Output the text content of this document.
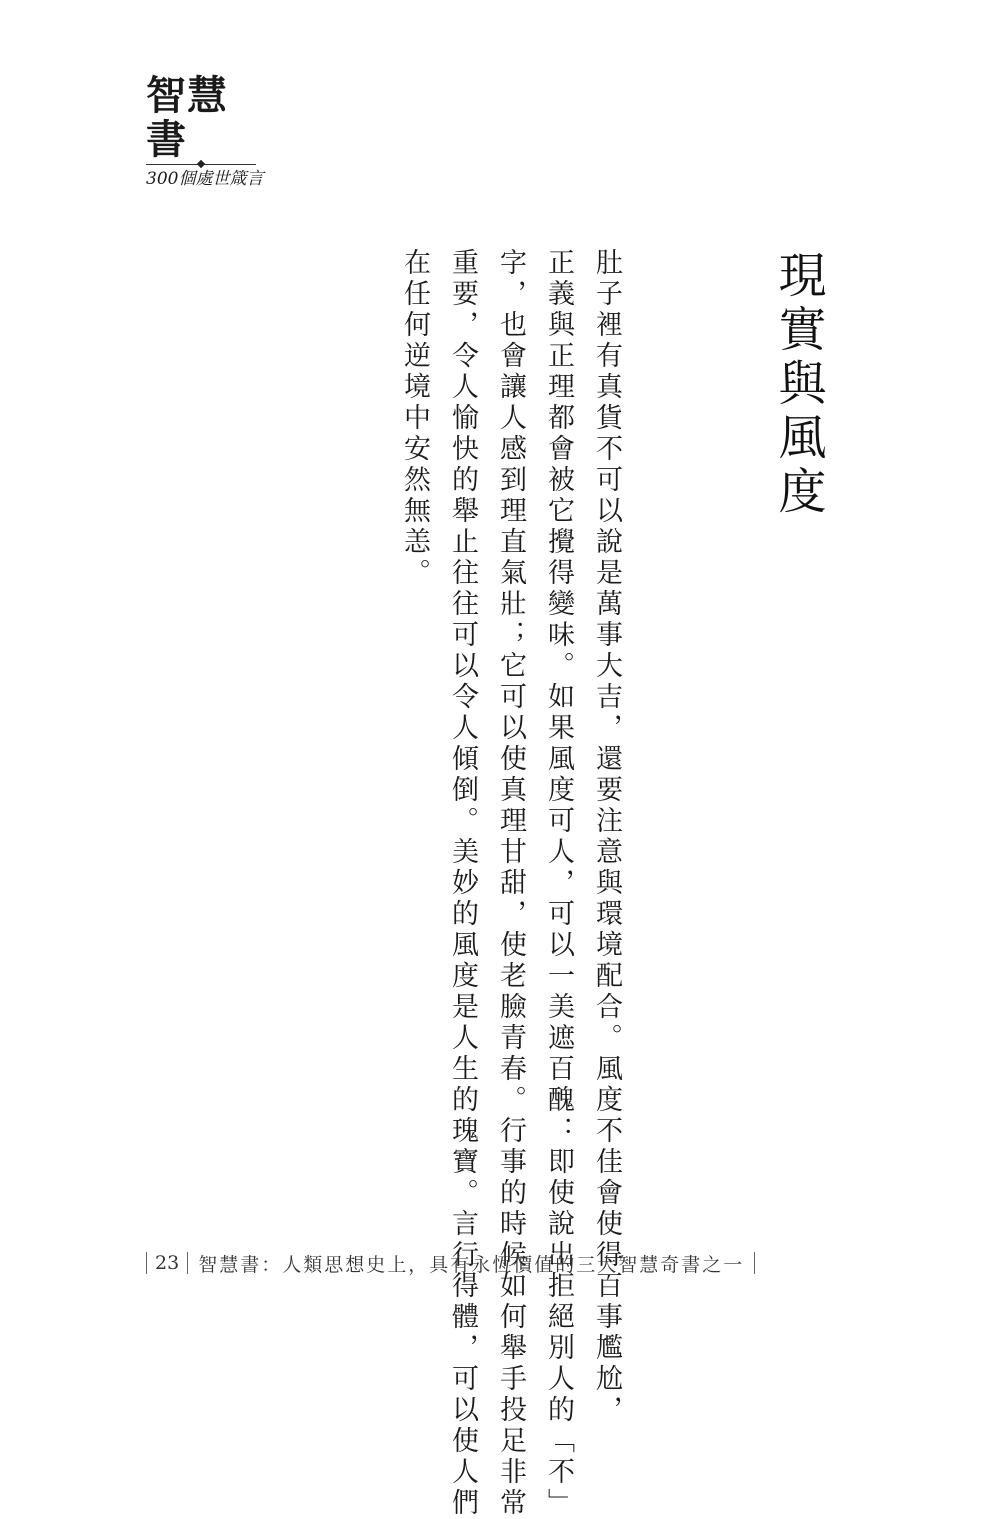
智慧書
300個處世箴言
現實與風度
肚子裡有真貨不可以說是萬事大吉，還要注意與環境配合。風度不佳會使得百事尷尬，
正義與正理都會被它攪得變味。如果風度可人，可以一美遮百醜：即使說出拒絕別人的「不」
字，也會讓人感到理直氣壯；它可以使真理甘甜，使老臉青春。行事的時候如何舉手投足非常
重要，令人愉快的舉止往往可以令人傾倒。美妙的風度是人生的瑰寶。言行得體，可以使人們
在任何逆境中安然無恙。
23	智慧書：人類思想史上，具有永恆價值的三大智慧奇書之一
